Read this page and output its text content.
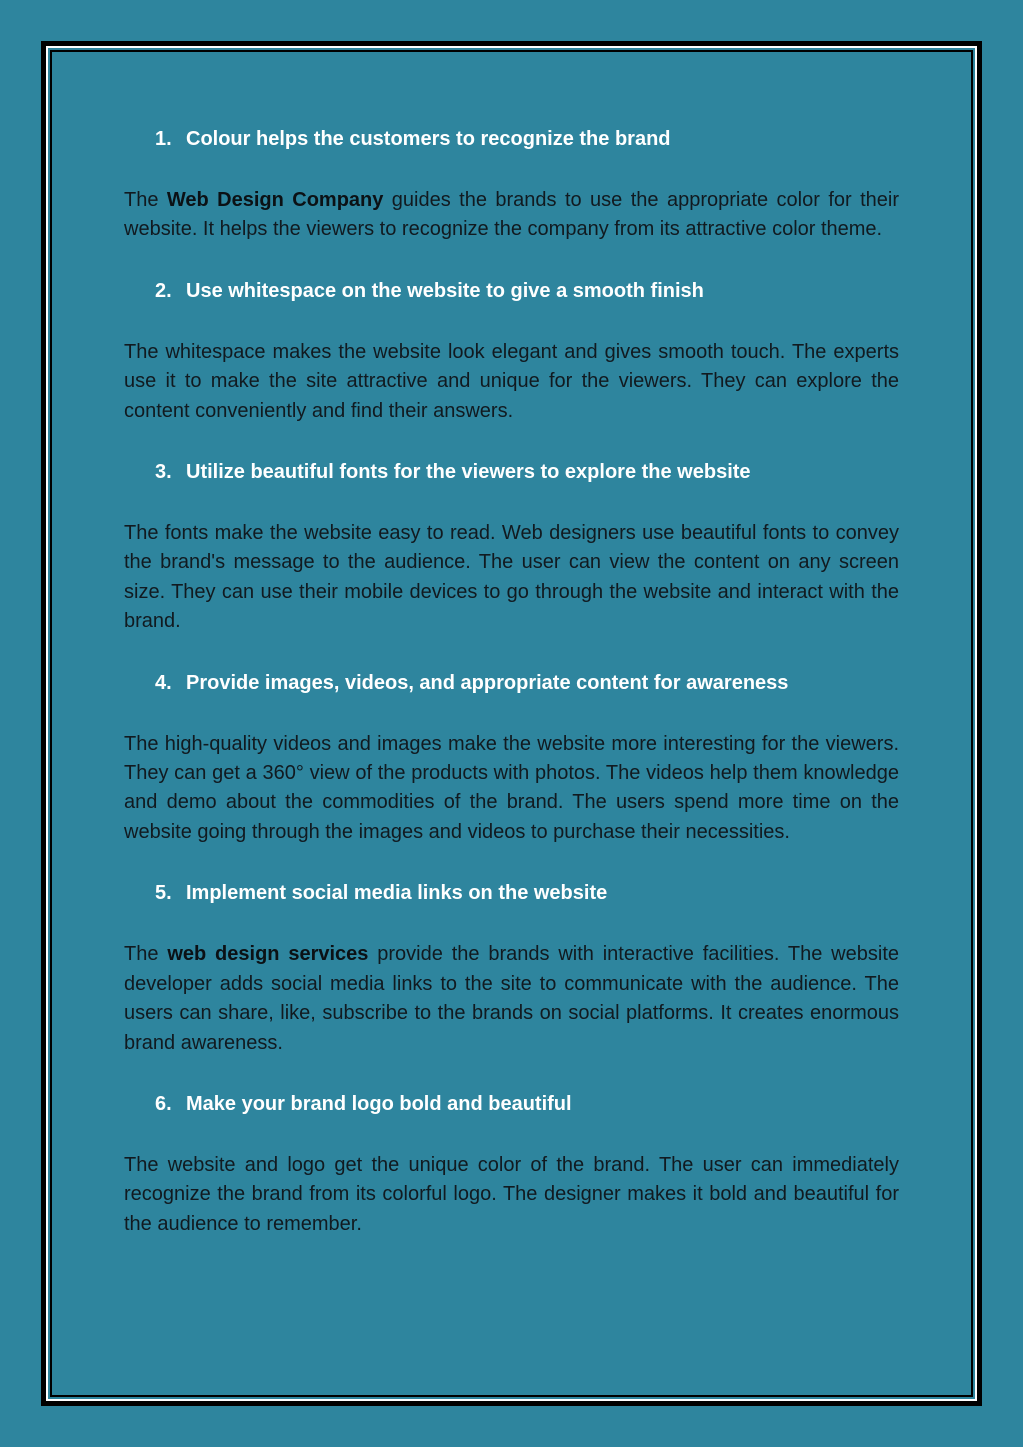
1. Colour helps the customers to recognize the brand

The Web Design Company guides the brands to use the appropriate color for their website. It helps the viewers to recognize the company from its attractive color theme.

2. Use whitespace on the website to give a smooth finish

The whitespace makes the website look elegant and gives smooth touch. The experts use it to make the site attractive and unique for the viewers. They can explore the content conveniently and find their answers.

3. Utilize beautiful fonts for the viewers to explore the website

The fonts make the website easy to read. Web designers use beautiful fonts to convey the brand's message to the audience. The user can view the content on any screen size. They can use their mobile devices to go through the website and interact with the brand.

4. Provide images, videos, and appropriate content for awareness

The high-quality videos and images make the website more interesting for the viewers. They can get a 360° view of the products with photos. The videos help them knowledge and demo about the commodities of the brand. The users spend more time on the website going through the images and videos to purchase their necessities.

5. Implement social media links on the website

The web design services provide the brands with interactive facilities. The website developer adds social media links to the site to communicate with the audience. The users can share, like, subscribe to the brands on social platforms. It creates enormous brand awareness.

6. Make your brand logo bold and beautiful

The website and logo get the unique color of the brand. The user can immediately recognize the brand from its colorful logo. The designer makes it bold and beautiful for the audience to remember.
